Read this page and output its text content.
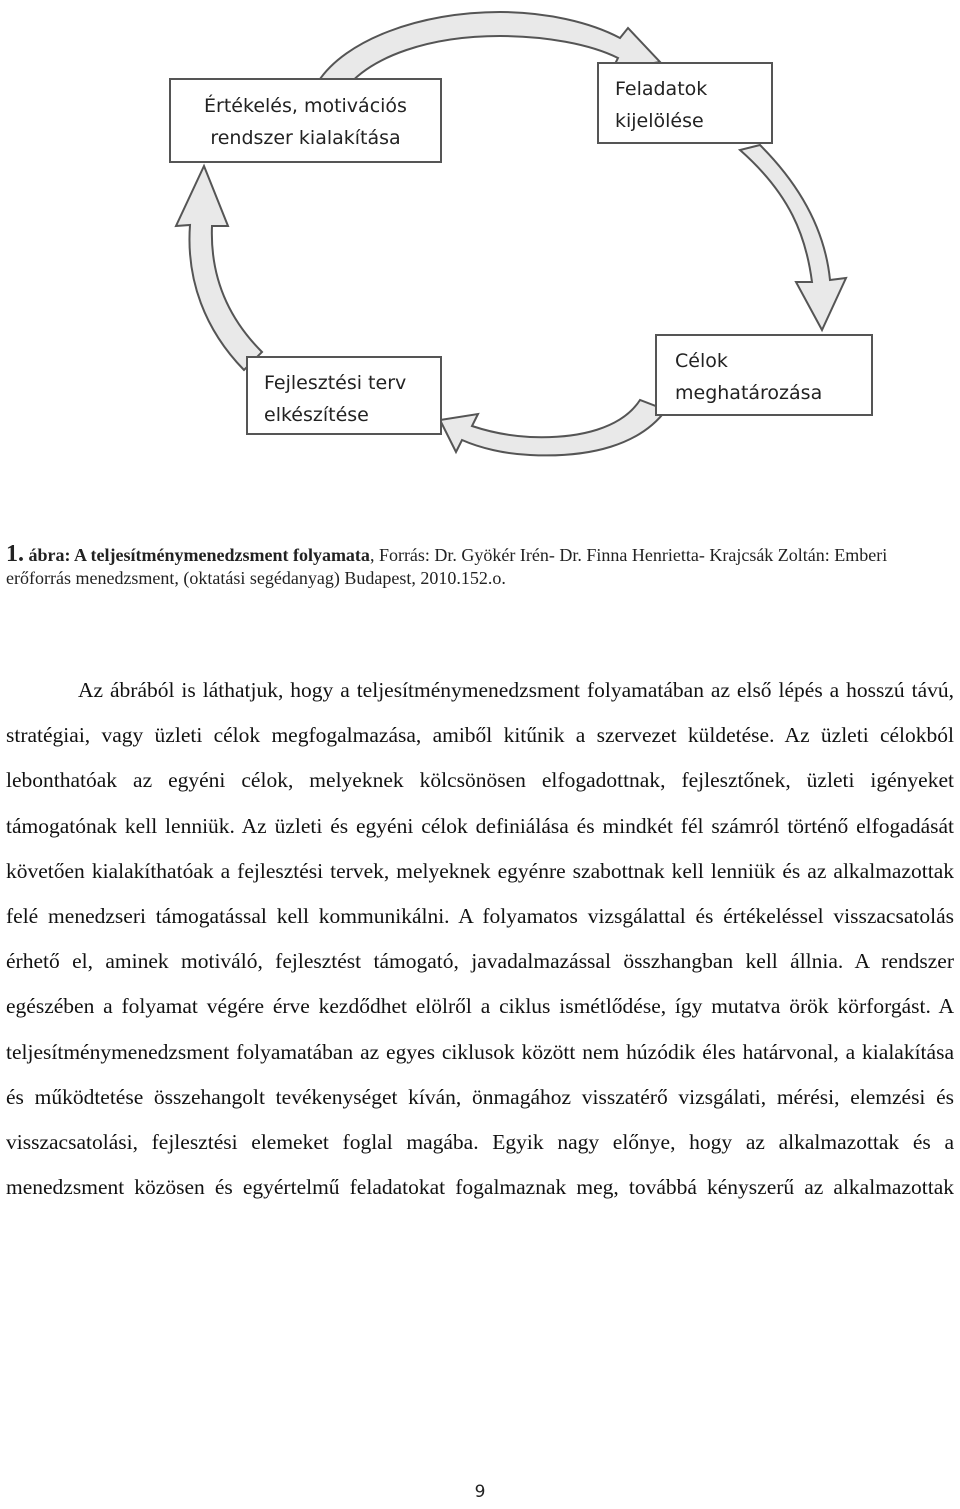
Értékelés, motivációs
rendszer kialakítása
Feladatok
kijelölése
Célok
meghatározása
Fejlesztési terv
elkészítése
1. ábra: A teljesítménymenedzsment folyamata, Forrás: Dr. Gyökér Irén- Dr. Finna Henrietta- Krajcsák Zoltán: Emberi erőforrás menedzsment, (oktatási segédanyag) Budapest, 2010.152.o.

Az ábrából is láthatjuk, hogy a teljesítménymenedzsment folyamatában az első lépés a hosszú távú, stratégiai, vagy üzleti célok megfogalmazása, amiből kitűnik a szervezet küldetése. Az üzleti célokból lebonthatóak az egyéni célok, melyeknek kölcsönösen elfogadottnak, fejlesztőnek, üzleti igényeket támogatónak kell lenniük. Az üzleti és egyéni célok definiálása és mindkét fél számról történő elfogadását követően kialakíthatóak a fejlesztési tervek, melyeknek egyénre szabottnak kell lenniük és az alkalmazottak felé menedzseri támogatással kell kommunikálni. A folyamatos vizsgálattal és értékeléssel visszacsatolás érhető el, aminek motiváló, fejlesztést támogató, javadalmazással összhangban kell állnia. A rendszer egészében a folyamat végére érve kezdődhet elölről a ciklus ismétlődése, így mutatva örök körforgást. A teljesítménymenedzsment folyamatában az egyes ciklusok között nem húzódik éles határvonal, a kialakítása és működtetése összehangolt tevékenységet kíván, önmagához visszatérő vizsgálati, mérési, elemzési és visszacsatolási, fejlesztési elemeket foglal magába. Egyik nagy előnye, hogy az alkalmazottak és a menedzsment közösen és egyértelmű feladatokat fogalmaznak meg, továbbá kényszerű az alkalmazottak

9
